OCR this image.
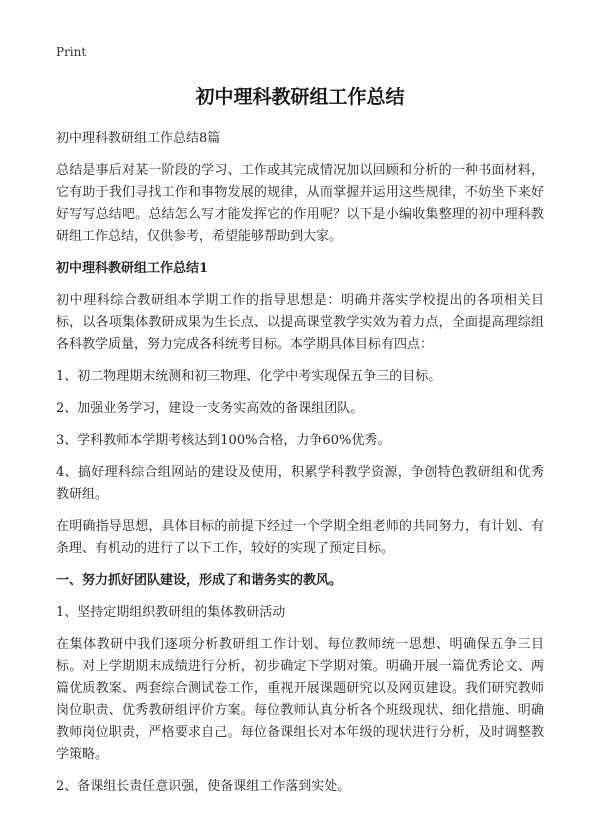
Print
初中理科教研组工作总结
初中理科教研组工作总结8篇

总结是事后对某一阶段的学习、工作或其完成情况加以回顾和分析的一种书面材料，它有助于我们寻找工作和事物发展的规律，从而掌握并运用这些规律，不妨坐下来好好写写总结吧。总结怎么写才能发挥它的作用呢？以下是小编收集整理的初中理科教研组工作总结，仅供参考，希望能够帮助到大家。

初中理科教研组工作总结1

初中理科综合教研组本学期工作的指导思想是：明确并落实学校提出的各项相关目标，以各项集体教研成果为生长点、以提高课堂教学实效为着力点，全面提高理综组各科教学质量，努力完成各科统考目标。本学期具体目标有四点：

1、初二物理期末统测和初三物理、化学中考实现保五争三的目标。

2、加强业务学习，建设一支务实高效的备课组团队。

3、学科教师本学期考核达到100%合格，力争60%优秀。

4、搞好理科综合组网站的建设及使用，积累学科教学资源，争创特色教研组和优秀教研组。

在明确指导思想，具体目标的前提下经过一个学期全组老师的共同努力，有计划、有条理、有机动的进行了以下工作，较好的实现了预定目标。

一、努力抓好团队建设，形成了和谐务实的教风。

1、坚持定期组织教研组的集体教研活动

在集体教研中我们逐项分析教研组工作计划、每位教师统一思想、明确保五争三目标。对上学期期末成绩进行分析，初步确定下学期对策。明确开展一篇优秀论文、两篇优质教案、两套综合测试卷工作，重视开展课题研究以及网页建设。我们研究教师岗位职责、优秀教研组评价方案。每位教师认真分析各个班级现状、细化措施、明确教师岗位职责，严格要求自己。每位备课组长对本年级的现状进行分析，及时调整教学策略。

2、备课组长责任意识强，使备课组工作落到实处。
